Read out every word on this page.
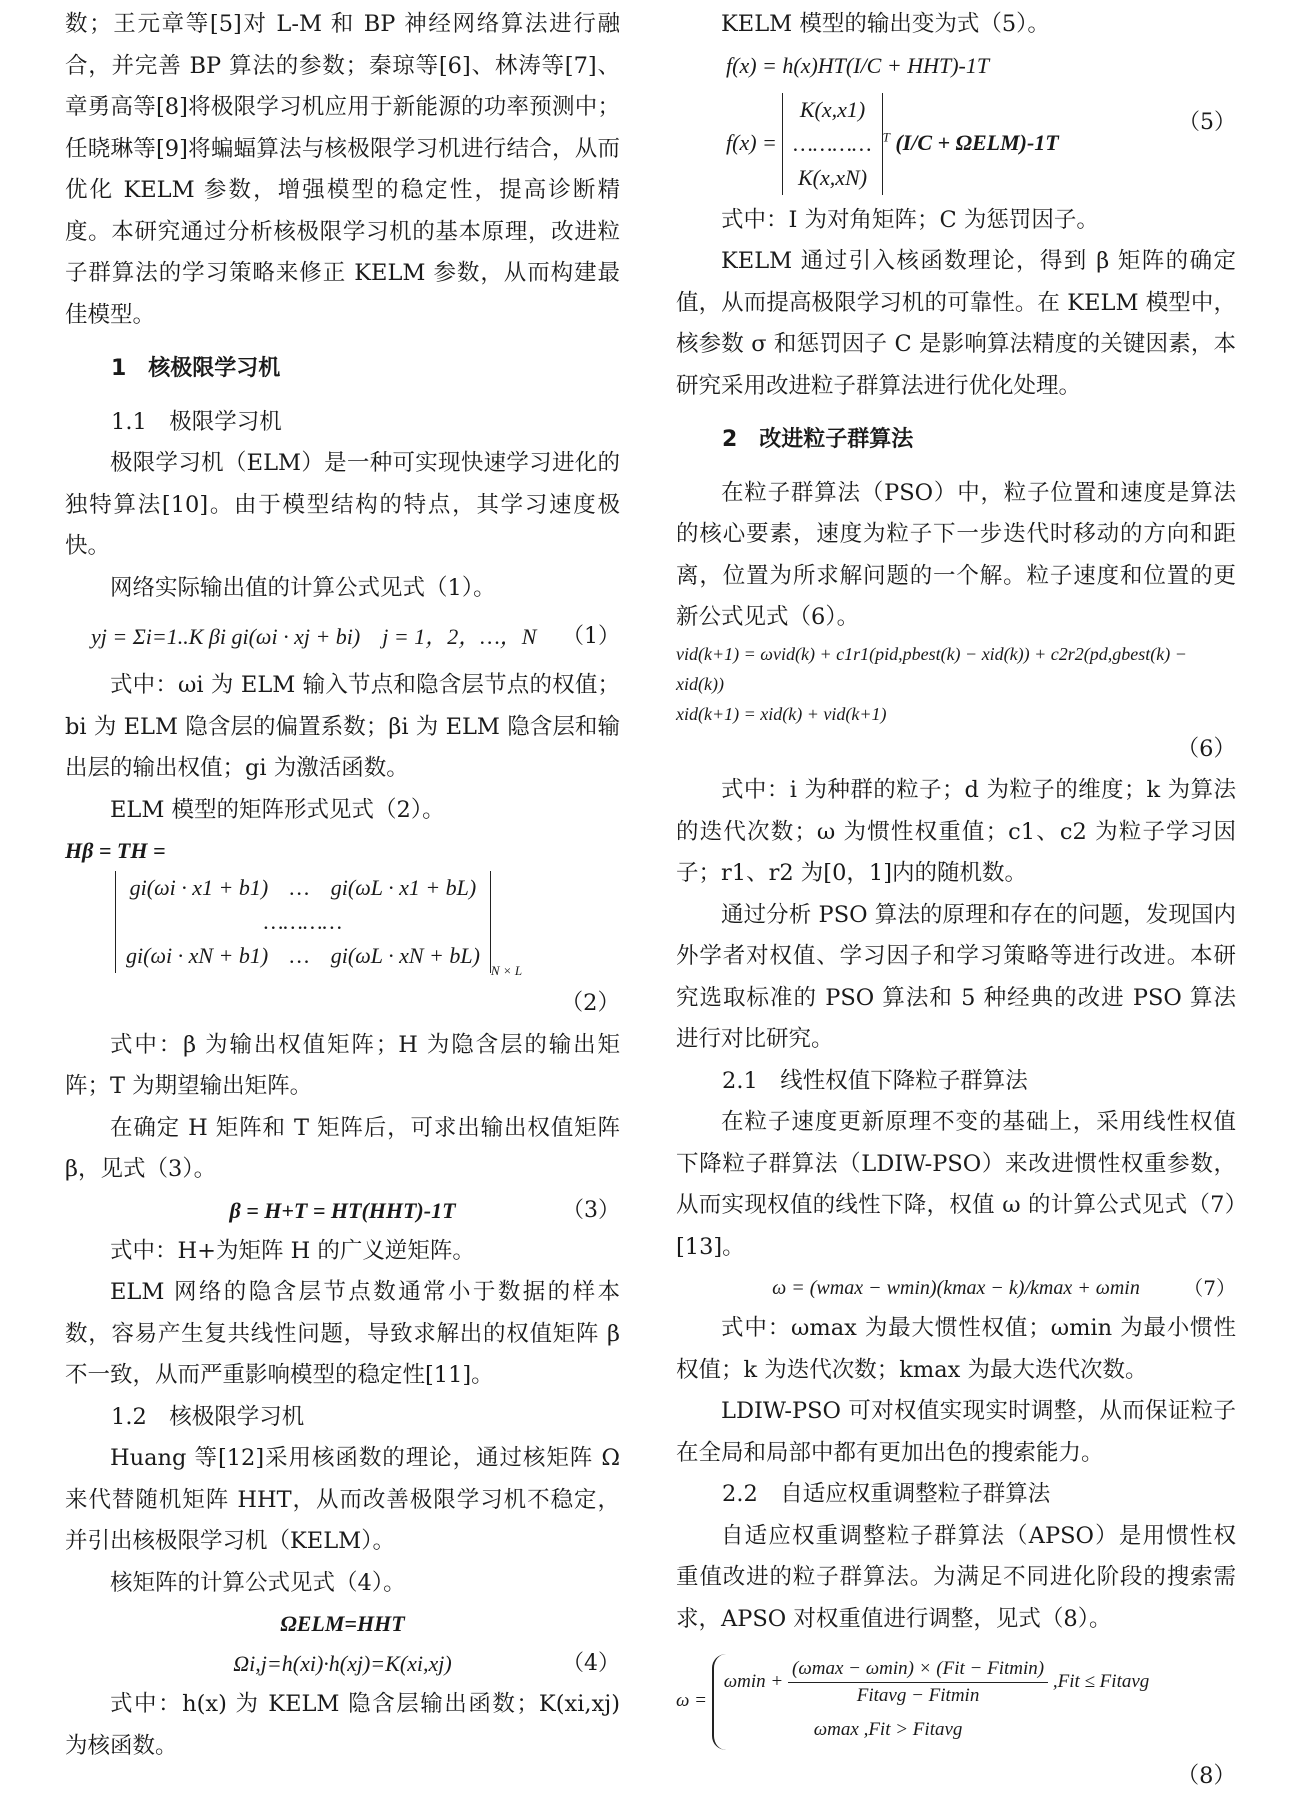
数；王元章等[5]对 L-M 和 BP 神经网络算法进行融合，并完善 BP 算法的参数；秦琼等[6]、林涛等[7]、章勇高等[8]将极限学习机应用于新能源的功率预测中；任晓琳等[9]将蝙蝠算法与核极限学习机进行结合，从而优化 KELM 参数，增强模型的稳定性，提高诊断精度。本研究通过分析核极限学习机的基本原理，改进粒子群算法的学习策略来修正 KELM 参数，从而构建最佳模型。

1　核极限学习机

1.1　极限学习机

极限学习机（ELM）是一种可实现快速学习进化的独特算法[10]。由于模型结构的特点，其学习速度极快。

网络实际输出值的计算公式见式（1）。

yj = Σi=1..K βi gi(ωi · xj + bi)　j = 1，2，…，N （1）

式中：ωi 为 ELM 输入节点和隐含层节点的权值；bi 为 ELM 隐含层的偏置系数；βi 为 ELM 隐含层和输出层的输出权值；gi 为激活函数。

ELM 模型的矩阵形式见式（2）。

Hβ = TH =
gi(ωi · x1 + b1) … gi(ωL · x1 + bL)
…………
gi(ωi · xN + b1) … gi(ωL · xN + bL)
$_{N \times L}$
（2）

式中：β 为输出权值矩阵；H 为隐含层的输出矩阵；T 为期望输出矩阵。

在确定 H 矩阵和 T 矩阵后，可求出输出权值矩阵 β，见式（3）。

β = H+T = HT(HHT)-1T	（3）

式中：H+为矩阵 H 的广义逆矩阵。

ELM 网络的隐含层节点数通常小于数据的样本数，容易产生复共线性问题，导致求解出的权值矩阵 β 不一致，从而严重影响模型的稳定性[11]。

1.2　核极限学习机

Huang 等[12]采用核函数的理论，通过核矩阵 Ω 来代替随机矩阵 HHT，从而改善极限学习机不稳定，并引出核极限学习机（KELM）。

核矩阵的计算公式见式（4）。

ΩELM=HHT
Ωi,j=h(xi)·h(xj)=K(xi,xj)	（4）

式中：h(x) 为 KELM 隐含层输出函数；K(xi,xj) 为核函数。

KELM 模型的输出变为式（5）。

f(x) = h(x)HT(I/C + HHT)-1T
f(x) =
K(x,x1)
…………
K(x,xN)
$^T$ (I/C + ΩELM)-1T
（5）

式中：I 为对角矩阵；C 为惩罚因子。

KELM 通过引入核函数理论，得到 β 矩阵的确定值，从而提高极限学习机的可靠性。在 KELM 模型中，核参数 σ 和惩罚因子 C 是影响算法精度的关键因素，本研究采用改进粒子群算法进行优化处理。

2　改进粒子群算法

在粒子群算法（PSO）中，粒子位置和速度是算法的核心要素，速度为粒子下一步迭代时移动的方向和距离，位置为所求解问题的一个解。粒子速度和位置的更新公式见式（6）。

vid(k+1) = ωvid(k) + c1r1(pid,pbest(k) − xid(k)) + c2r2(pd,gbest(k) − xid(k))
xid(k+1) = xid(k) + vid(k+1)
（6）

式中：i 为种群的粒子；d 为粒子的维度；k 为算法的迭代次数；ω 为惯性权重值；c1、c2 为粒子学习因子；r1、r2 为[0，1]内的随机数。

通过分析 PSO 算法的原理和存在的问题，发现国内外学者对权值、学习因子和学习策略等进行改进。本研究选取标准的 PSO 算法和 5 种经典的改进 PSO 算法进行对比研究。

2.1　线性权值下降粒子群算法

在粒子速度更新原理不变的基础上，采用线性权值下降粒子群算法（LDIW-PSO）来改进惯性权重参数，从而实现权值的线性下降，权值 ω 的计算公式见式（7）[13]。

ω = (wmax − wmin)(kmax − k)/kmax + ωmin （7）

式中：ωmax 为最大惯性权值；ωmin 为最小惯性权值；k 为迭代次数；kmax 为最大迭代次数。

LDIW-PSO 可对权值实现实时调整，从而保证粒子在全局和局部中都有更加出色的搜索能力。

2.2　自适应权重调整粒子群算法

自适应权重调整粒子群算法（APSO）是用惯性权重值改进的粒子群算法。为满足不同进化阶段的搜索需求，APSO 对权重值进行调整，见式（8）。

ω =
$\omega\min + \frac{\text{(ωmax − ωmin) × (Fit − Fitmin)}}{\text{Fitavg − Fitmin}} ,Fit$ ≤ Fitavg
ωmax ,Fit > Fitavg
（8）
